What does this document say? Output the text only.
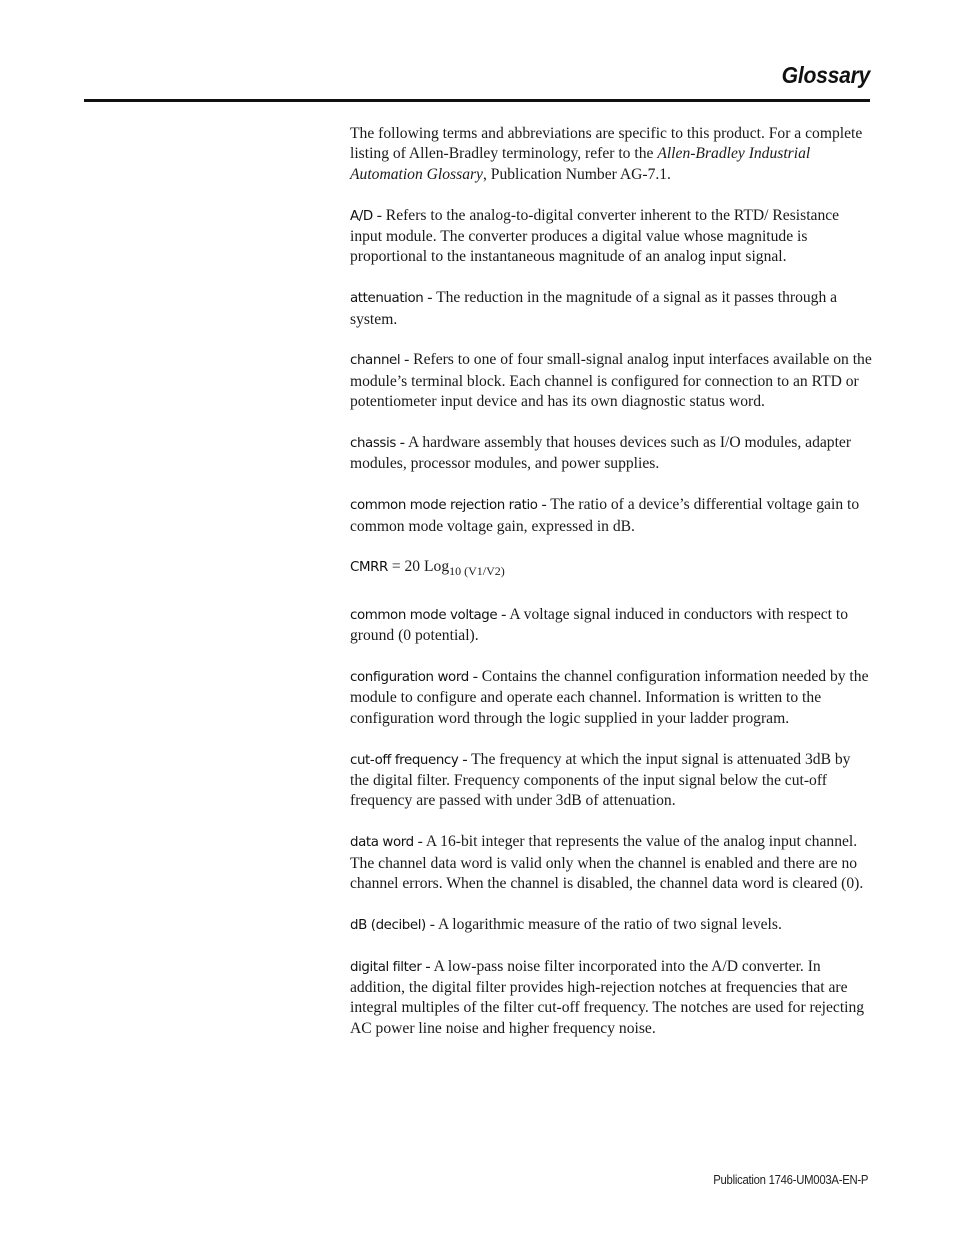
Glossary

The following terms and abbreviations are specific to this product. For a complete listing of Allen-Bradley terminology, refer to the Allen-Bradley Industrial Automation Glossary, Publication Number AG-7.1.

A/D - Refers to the analog-to-digital converter inherent to the RTD/ Resistance input module. The converter produces a digital value whose magnitude is proportional to the instantaneous magnitude of an analog input signal.

attenuation - The reduction in the magnitude of a signal as it passes through a system.

channel - Refers to one of four small-signal analog input interfaces available on the module’s terminal block. Each channel is configured for connection to an RTD or potentiometer input device and has its own diagnostic status word.

chassis - A hardware assembly that houses devices such as I/O modules, adapter modules, processor modules, and power supplies.

common mode rejection ratio - The ratio of a device’s differential voltage gain to common mode voltage gain, expressed in dB.

CMRR = 20 Log$_{10 (V1/V2)}$

common mode voltage - A voltage signal induced in conductors with respect to ground (0 potential).

configuration word - Contains the channel configuration information needed by the module to configure and operate each channel. Information is written to the configuration word through the logic supplied in your ladder program.

cut-off frequency - The frequency at which the input signal is attenuated 3dB by the digital filter. Frequency components of the input signal below the cut-off frequency are passed with under 3dB of attenuation.

data word - A 16-bit integer that represents the value of the analog input channel. The channel data word is valid only when the channel is enabled and there are no channel errors. When the channel is disabled, the channel data word is cleared (0).

dB (decibel) - A logarithmic measure of the ratio of two signal levels.

digital filter - A low-pass noise filter incorporated into the A/D converter. In addition, the digital filter provides high-rejection notches at frequencies that are integral multiples of the filter cut-off frequency. The notches are used for rejecting AC power line noise and higher frequency noise.

Publication 1746-UM003A-EN-P
